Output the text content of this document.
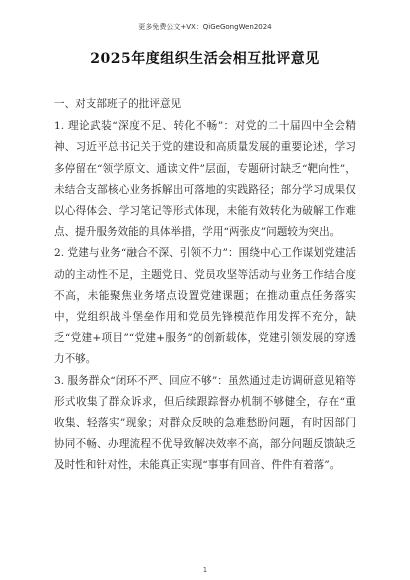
更多免费公文+VX：QiGeGongWen2024
2025年度组织生活会相互批评意见

一、对支部班子的批评意见

1. 理论武装“深度不足、转化不畅”：对党的二十届四中全会精神、习近平总书记关于党的建设和高质量发展的重要论述，学习多停留在“领学原文、通读文件”层面，专题研讨缺乏“靶向性”，未结合支部核心业务拆解出可落地的实践路径；部分学习成果仅以心得体会、学习笔记等形式体现，未能有效转化为破解工作难点、提升服务效能的具体举措，学用“两张皮”问题较为突出。

2. 党建与业务“融合不深、引领不力”：围绕中心工作谋划党建活动的主动性不足，主题党日、党员攻坚等活动与业务工作结合度不高，未能聚焦业务堵点设置党建课题；在推动重点任务落实中，党组织战斗堡垒作用和党员先锋模范作用发挥不充分，缺乏“党建+项目”“党建+服务”的创新载体，党建引领发展的穿透力不够。

3. 服务群众“闭环不严、回应不够”：虽然通过走访调研意见箱等形式收集了群众诉求，但后续跟踪督办机制不够健全，存在“重收集、轻落实”现象；对群众反映的急难愁盼问题，有时因部门协同不畅、办理流程不优导致解决效率不高，部分问题反馈缺乏及时性和针对性，未能真正实现“事事有回音、件件有着落”。

1
